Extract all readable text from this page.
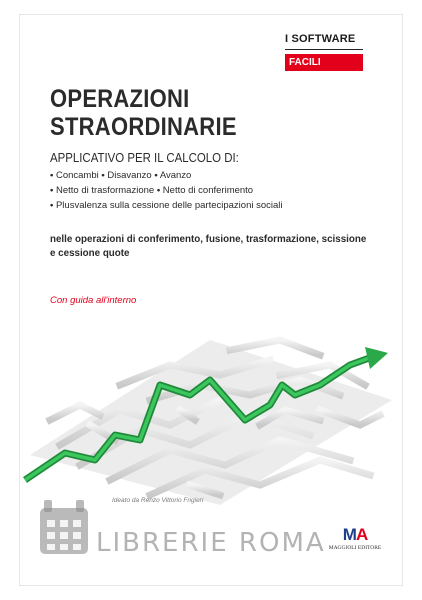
I SOFTWARE
FACILI
OPERAZIONI
STRAORDINARIE
APPLICATIVO PER IL CALCOLO DI:
• Concambi • Disavanzo • Avanzo
• Netto di trasformazione • Netto di conferimento
• Plusvalenza sulla cessione delle partecipazioni sociali
nelle operazioni di conferimento, fusione, trasformazione, scissione e cessione quote
Con guida all'interno
Ideato da Renzo Vittorio Frigieri
MA
MAGGIOLI EDITORE
LIBRERIE ROMA
